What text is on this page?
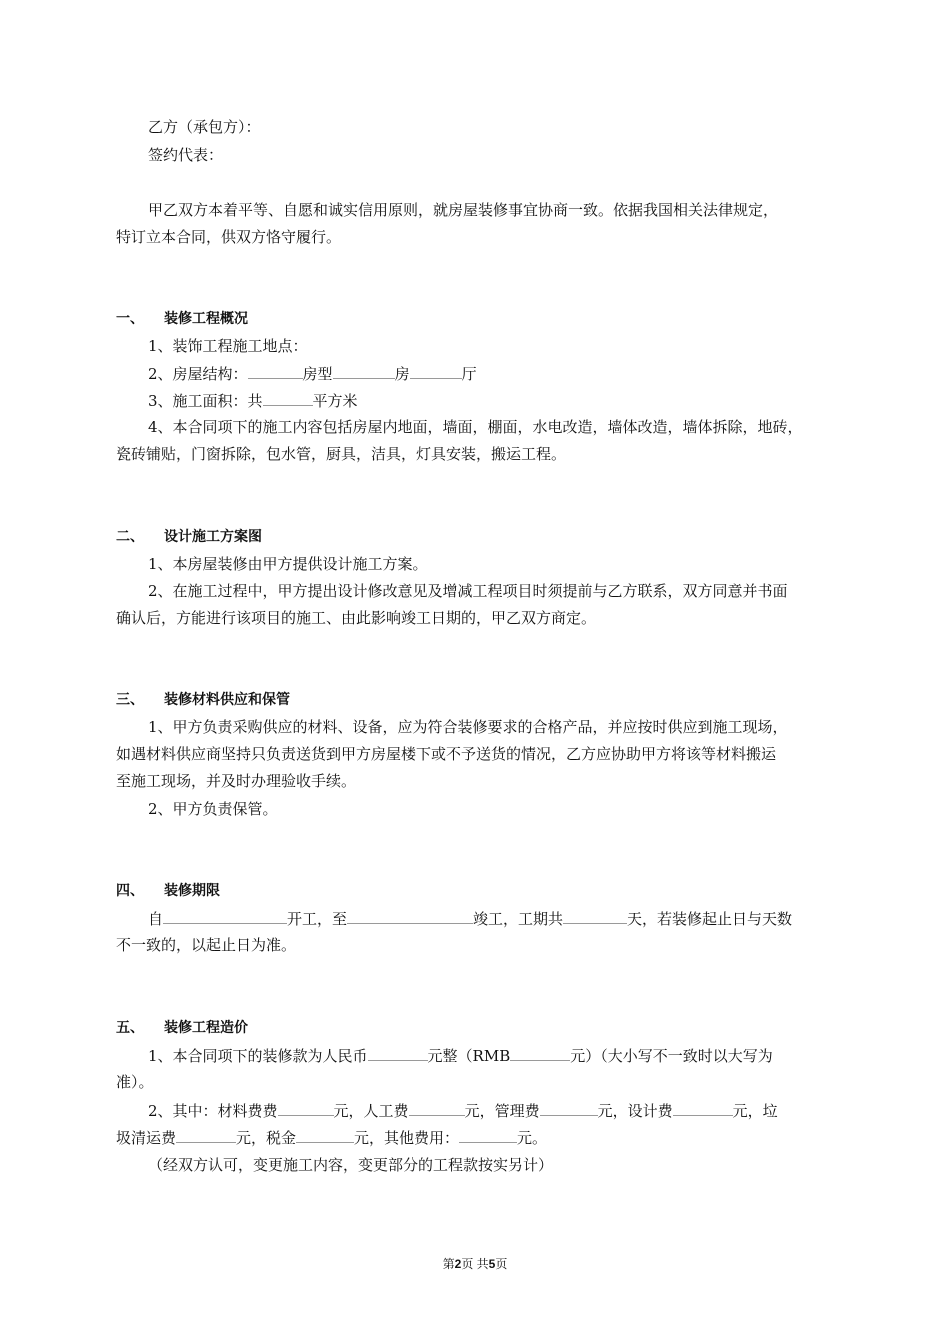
乙方（承包方）：
签约代表：
甲乙双方本着平等、自愿和诚实信用原则，就房屋装修事宜协商一致。依据我国相关法律规定，
特订立本合同，供双方恪守履行。
一、 装修工程概况
1、装饰工程施工地点：
2、房屋结构：	房型	房	厅
3、施工面积：共	平方米
4、本合同项下的施工内容包括房屋内地面，墙面，棚面，水电改造，墙体改造，墙体拆除，地砖，
瓷砖铺贴，门窗拆除，包水管，厨具，洁具，灯具安装，搬运工程。
二、 设计施工方案图
1、本房屋装修由甲方提供设计施工方案。
2、在施工过程中，甲方提出设计修改意见及增减工程项目时须提前与乙方联系，双方同意并书面
确认后，方能进行该项目的施工、由此影响竣工日期的，甲乙双方商定。
三、 装修材料供应和保管
1、甲方负责采购供应的材料、设备，应为符合装修要求的合格产品，并应按时供应到施工现场，
如遇材料供应商坚持只负责送货到甲方房屋楼下或不予送货的情况，乙方应协助甲方将该等材料搬运
至施工现场，并及时办理验收手续。
2、甲方负责保管。
四、 装修期限
自	开工，至	竣工，工期共	天，若装修起止日与天数
不一致的，以起止日为准。
五、 装修工程造价
1、本合同项下的装修款为人民币	元整（RMB	元）（大小写不一致时以大写为
准）。
2、其中：材料费费	元，人工费	元，管理费	元，设计费	元，垃
圾清运费	元，税金	元，其他费用：	元。
（经双方认可，变更施工内容，变更部分的工程款按实另计）
第2页 共5页
